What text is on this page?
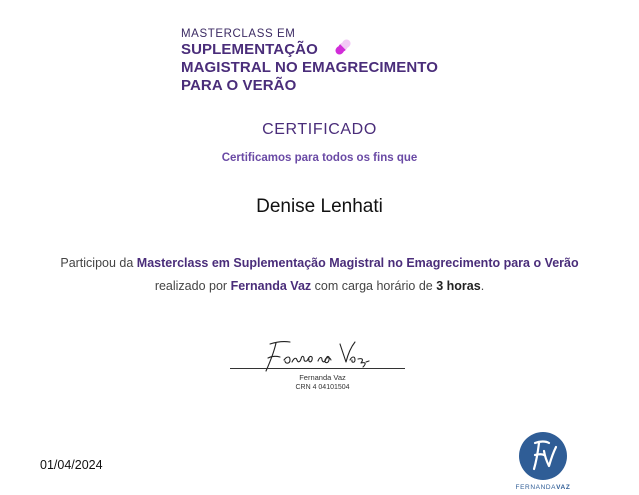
MASTERCLASS EM
SUPLEMENTAÇÃO
MAGISTRAL NO EMAGRECIMENTO
PARA O VERÃO
CERTIFICADO
Certificamos para todos os fins que
Denise Lenhati
Participou da Masterclass em Suplementação Magistral no Emagrecimento para o Verão
realizado por Fernanda Vaz com carga horário de 3 horas.
Fernanda Vaz
CRN 4 04101504
01/04/2024
FERNANDAVAZ
